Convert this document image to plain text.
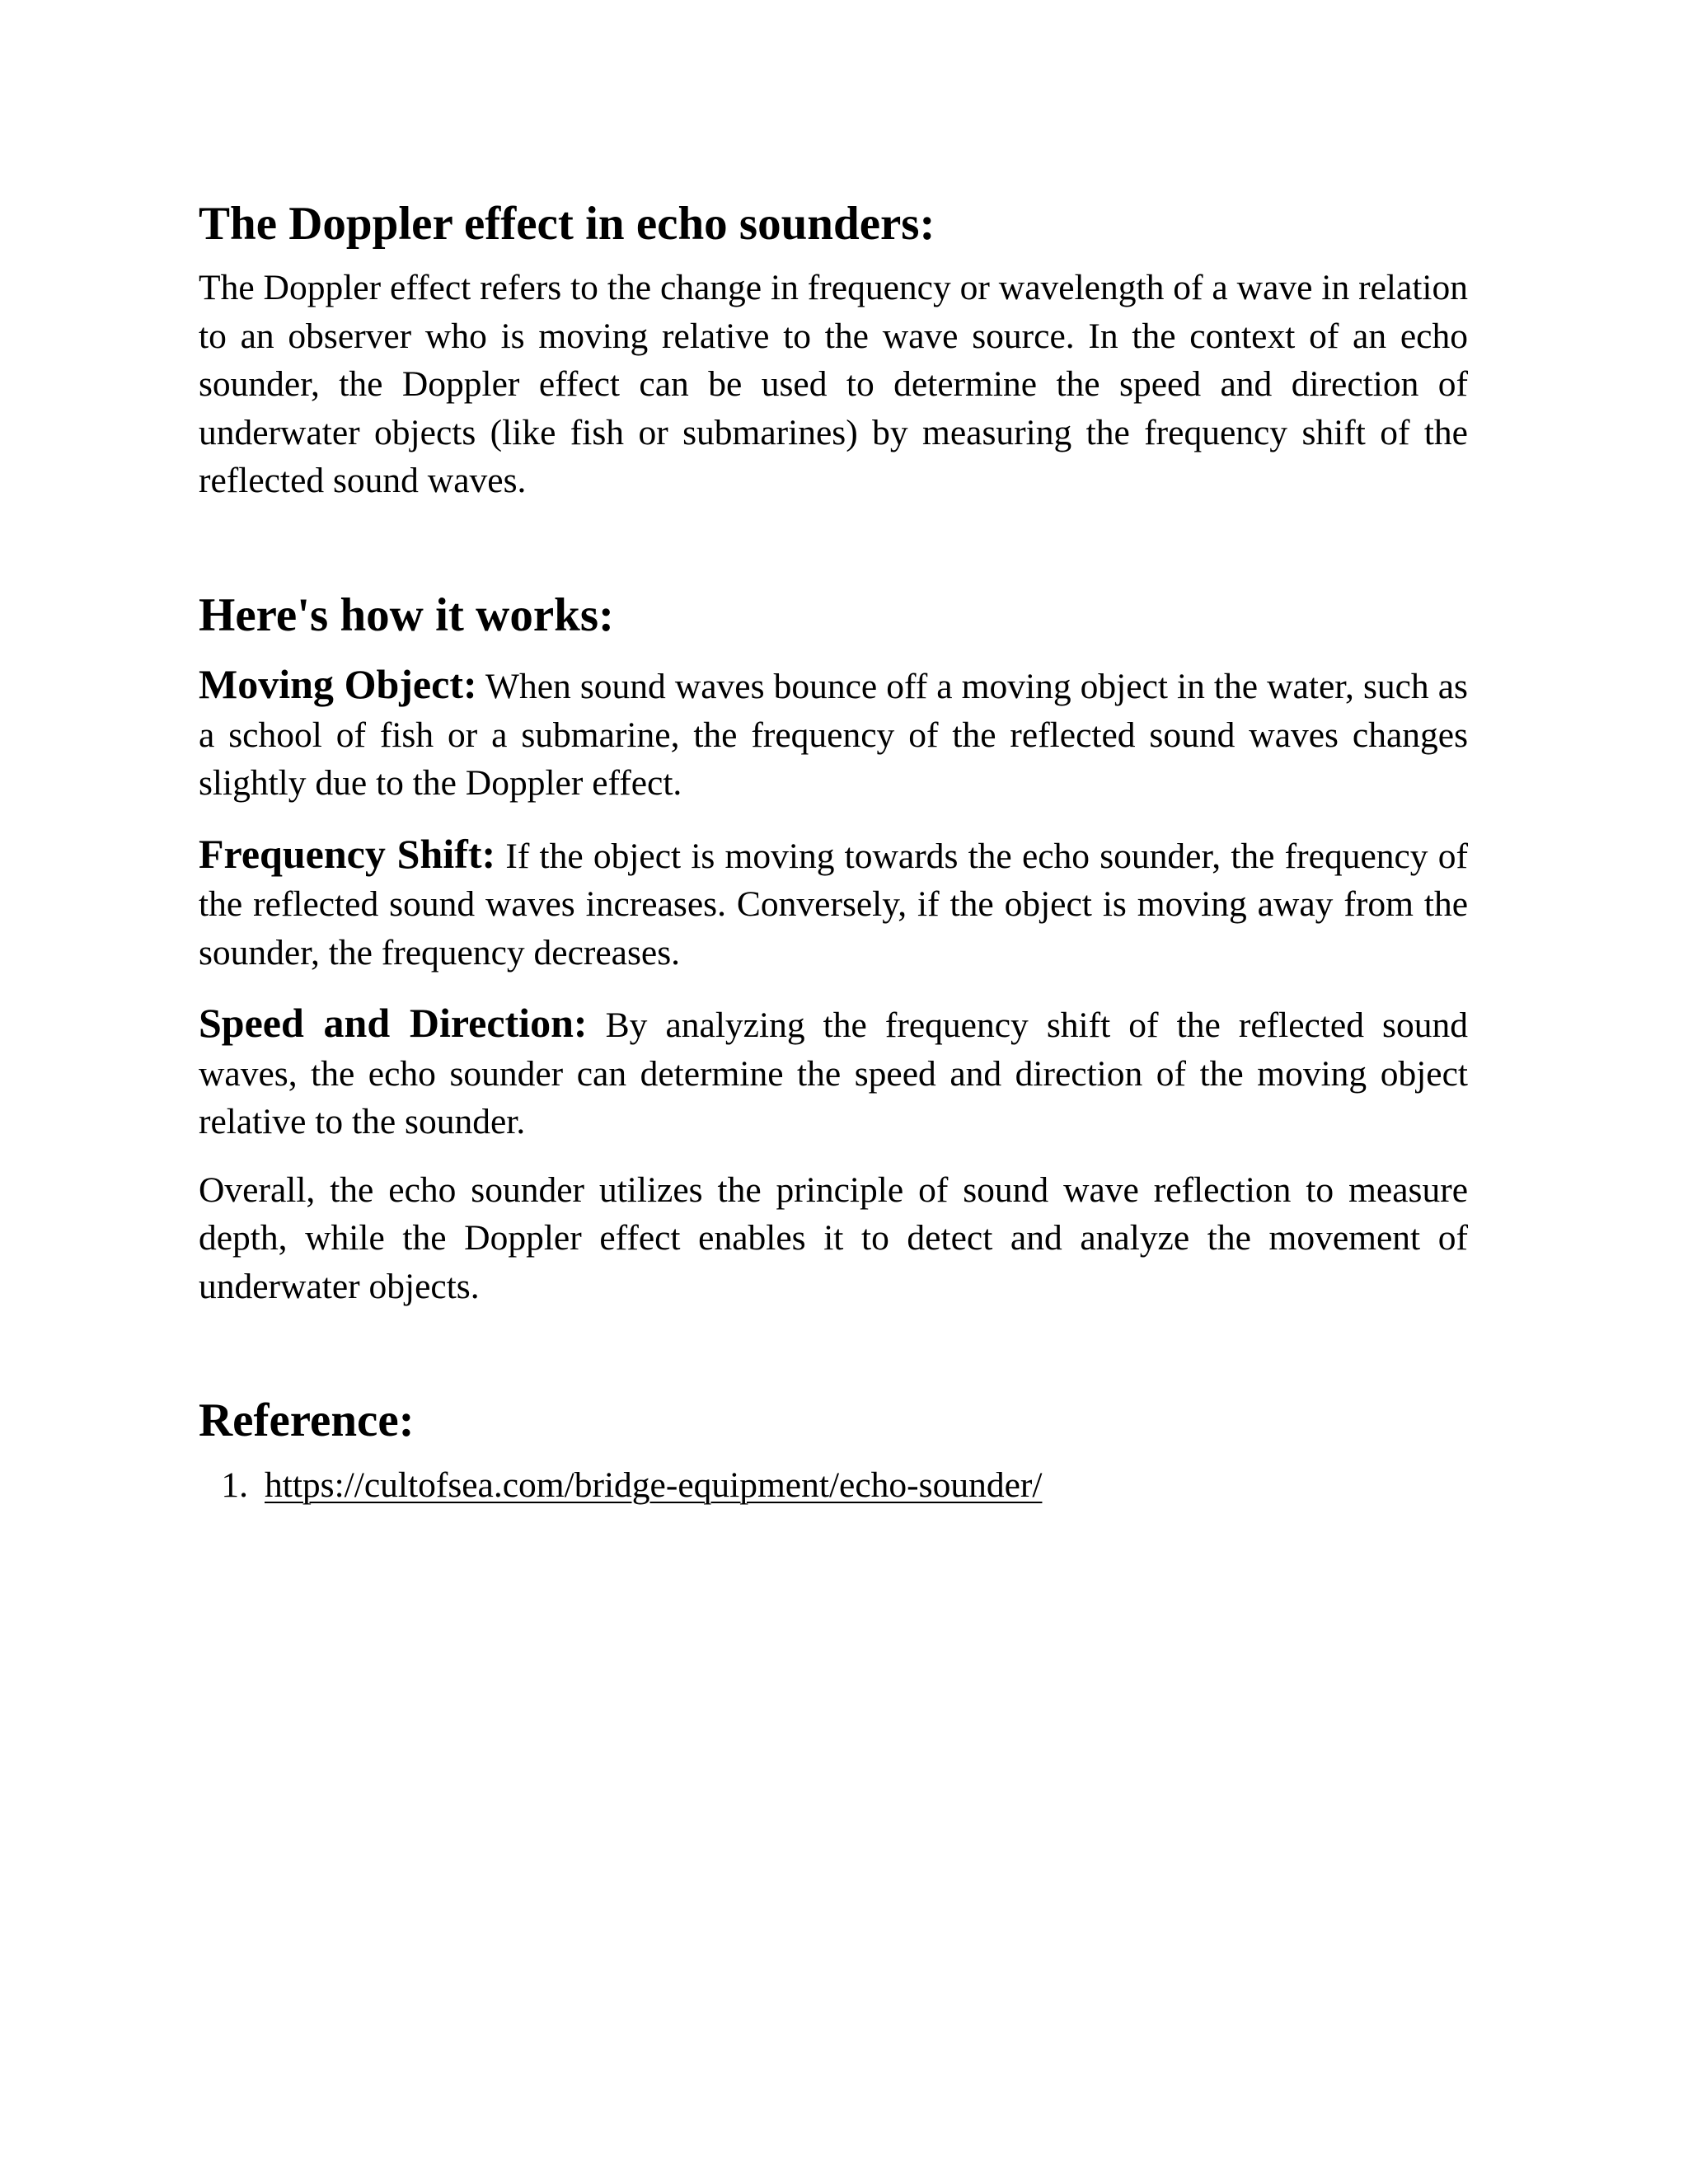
The Doppler effect in echo sounders:

The Doppler effect refers to the change in frequency or wavelength of a wave in relation to an observer who is moving relative to the wave source. In the context of an echo sounder, the Doppler effect can be used to determine the speed and direction of underwater objects (like fish or submarines) by measuring the frequency shift of the reflected sound waves.

Here's how it works:

Moving Object: When sound waves bounce off a moving object in the water, such as a school of fish or a submarine, the frequency of the reflected sound waves changes slightly due to the Doppler effect.

Frequency Shift: If the object is moving towards the echo sounder, the frequency of the reflected sound waves increases. Conversely, if the object is moving away from the sounder, the frequency decreases.

Speed and Direction: By analyzing the frequency shift of the reflected sound waves, the echo sounder can determine the speed and direction of the moving object relative to the sounder.

Overall, the echo sounder utilizes the principle of sound wave reflection to measure depth, while the Doppler effect enables it to detect and analyze the movement of underwater objects.

Reference:
1. https://cultofsea.com/bridge-equipment/echo-sounder/
